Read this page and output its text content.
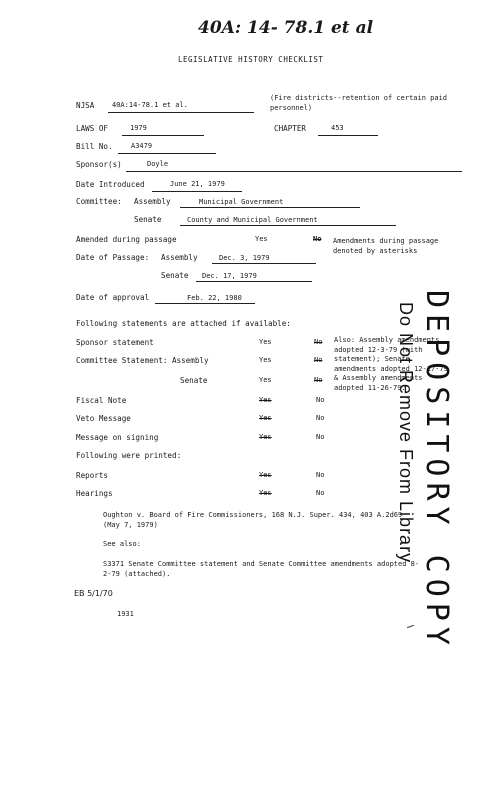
40A: 14- 78.1 et al
LEGISLATIVE HISTORY CHECKLIST
NJSA	40A:14-78.1 et al.
(Fire districts--retention of certain paid personnel)
LAWS OF	1979	CHAPTER	453
Bill No.	A3479
Sponsor(s)	Doyle
Date Introduced	June 21, 1979
Committee: Assembly	Municipal Government
Senate	County and Municipal Government
Amended during passage	Yes	No Amendments during passage denoted by asterisks
Date of Passage: Assembly	Dec. 3, 1979
Senate Dec. 17, 1979
Date of approval	Feb. 22, 1980
Following statements are attached if available:
Sponsor statement	Yes	No
Committee Statement: Assembly	Yes	No
Senate	Yes	No
Fiscal Note	Yes	No
Veto Message	Yes	No
Message on signing	Yes	No
Also: Assembly amendments adopted 12-3-79 (with statement); Senate amendments adopted 12-17-79 & Assembly amendments adopted 11-26-79.
Following were printed:
Reports	Yes	No
Hearings	Yes	No
Oughton v. Board of Fire Commissioners, 168 N.J. Super. 434, 403 A.2d69 (May 7, 1979)
See also:
S3371 Senate Committee statement and Senate Committee amendments adopted 8-2-79 (attached).
EB 5/1/70
1931	DEPOSITORY COPY
Do Not Remove From Library
